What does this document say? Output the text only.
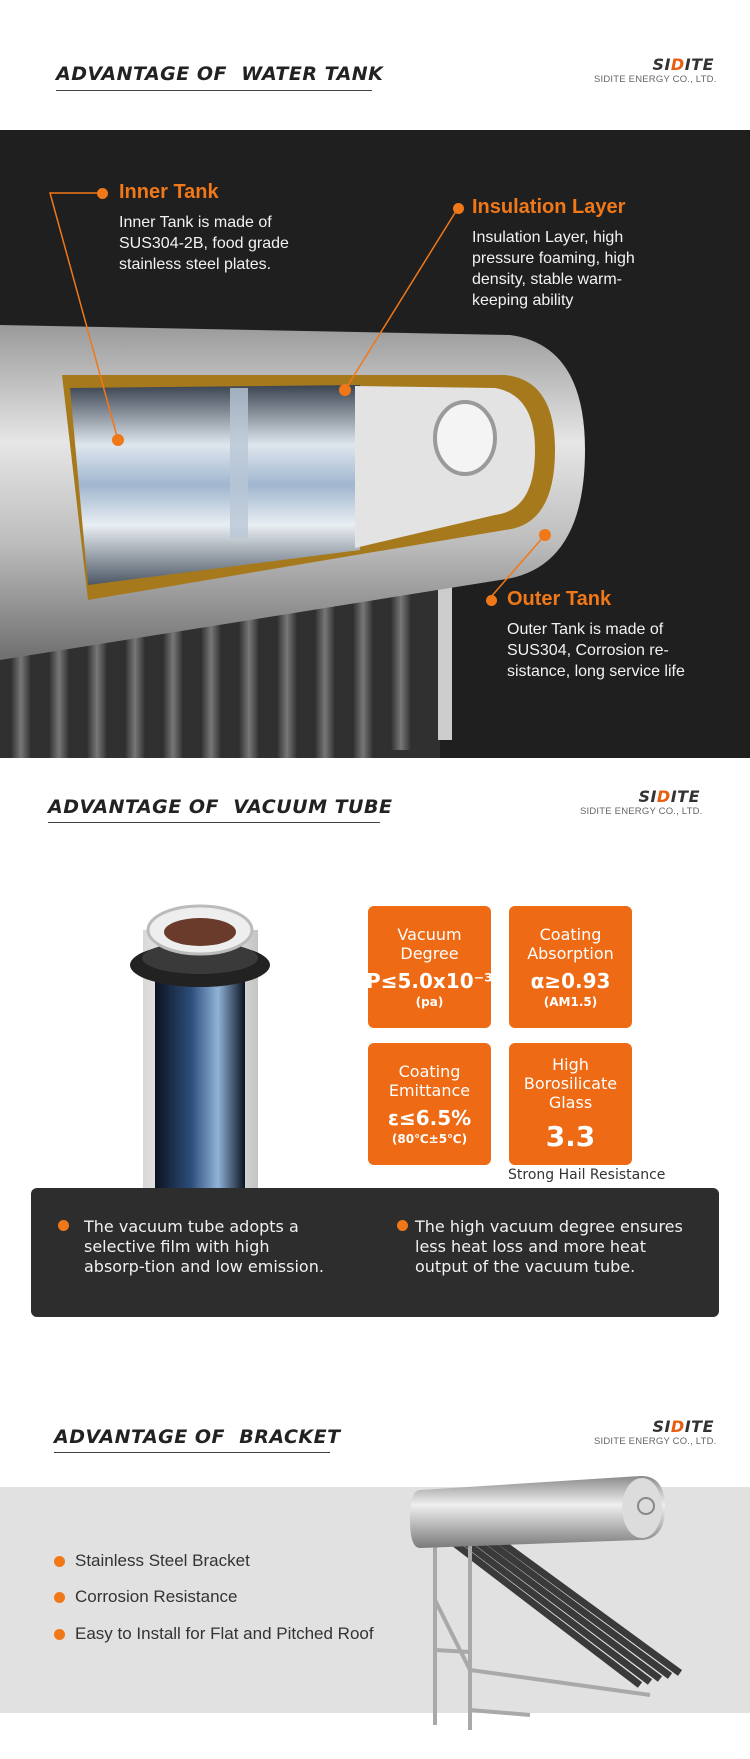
ADVANTAGE OF  WATER TANK	SIDITE
SIDITE ENERGY CO., LTD.
Inner Tank
Inner Tank is made of SUS304-2B, food grade stainless steel plates.
Insulation Layer
Insulation Layer, high pressure foaming, high density, stable warm-keeping ability
Outer Tank
Outer Tank is made of SUS304, Corrosion re-sistance, long service life
ADVANTAGE OF  VACUUM TUBE	SIDITE
SIDITE ENERGY CO., LTD.
Vacuum Degree
P≤5.0x10⁻³
(pa)
Coating Absorption
α≥0.93
(AM1.5)
Coating Emittance
ε≤6.5%
(80℃±5℃)
High Borosilicate Glass
3.3
Strong Hail Resistance
The vacuum tube adopts a selective film with high absorp-tion and low emission.
The high vacuum degree ensures less heat loss and more heat output of the vacuum tube.
ADVANTAGE OF  BRACKET	SIDITE
SIDITE ENERGY CO., LTD.
Stainless Steel Bracket
Corrosion Resistance
Easy to Install for Flat and Pitched Roof
